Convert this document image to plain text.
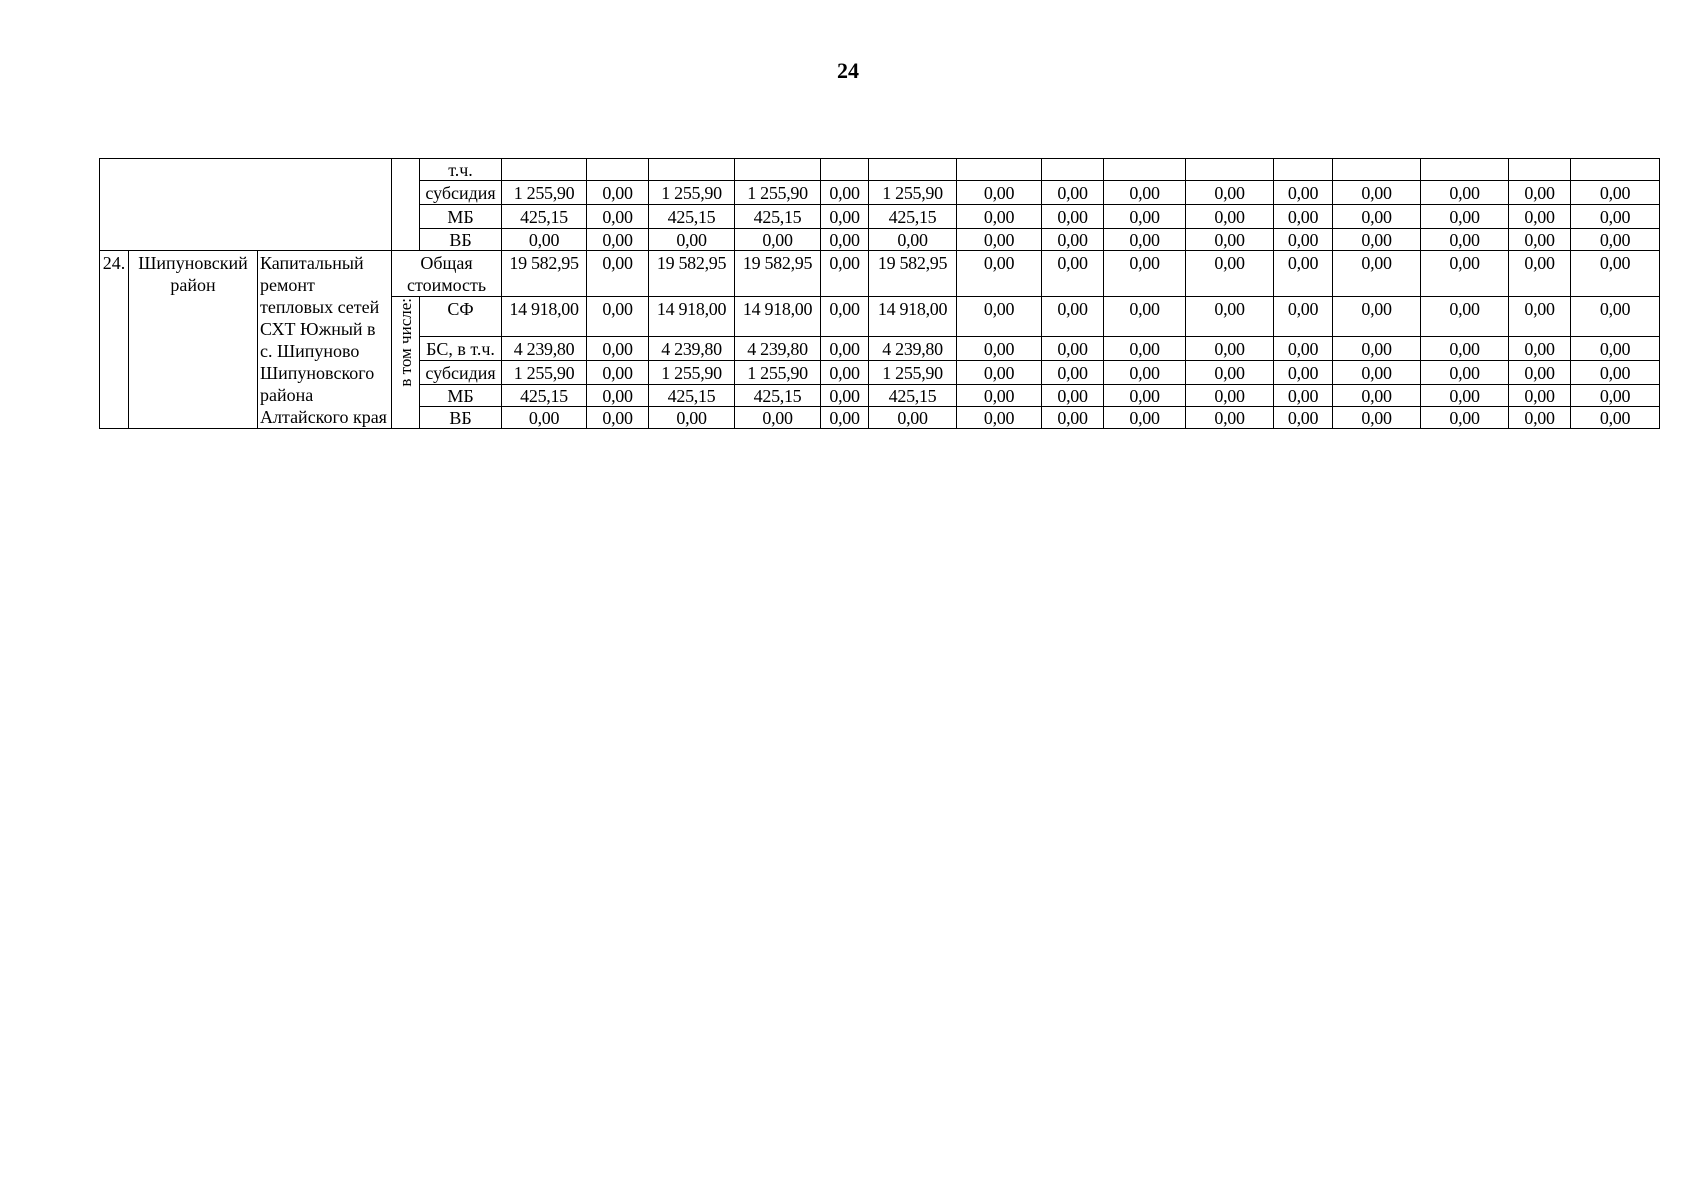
24
				т.ч.															
				субсидия	1 255,90	0,00	1 255,90	1 255,90	0,00	1 255,90	0,00	0,00	0,00	0,00	0,00	0,00	0,00	0,00	0,00
				МБ	425,15	0,00	425,15	425,15	0,00	425,15	0,00	0,00	0,00	0,00	0,00	0,00	0,00	0,00	0,00
				ВБ	0,00	0,00	0,00	0,00	0,00	0,00	0,00	0,00	0,00	0,00	0,00	0,00	0,00	0,00	0,00
24.	Шипуновский район	Капитальный ремонт тепловых сетей СХТ Южный в с. Шипуново Шипуновского района Алтайского края	Общая стоимость		19 582,95	0,00	19 582,95	19 582,95	0,00	19 582,95	0,00	0,00	0,00	0,00	0,00	0,00	0,00	0,00	0,00
			в том числе:	СФ	14 918,00	0,00	14 918,00	14 918,00	0,00	14 918,00	0,00	0,00	0,00	0,00	0,00	0,00	0,00	0,00	0,00
				БС, в т.ч.	4 239,80	0,00	4 239,80	4 239,80	0,00	4 239,80	0,00	0,00	0,00	0,00	0,00	0,00	0,00	0,00	0,00
				субсидия	1 255,90	0,00	1 255,90	1 255,90	0,00	1 255,90	0,00	0,00	0,00	0,00	0,00	0,00	0,00	0,00	0,00
				МБ	425,15	0,00	425,15	425,15	0,00	425,15	0,00	0,00	0,00	0,00	0,00	0,00	0,00	0,00	0,00
				ВБ	0,00	0,00	0,00	0,00	0,00	0,00	0,00	0,00	0,00	0,00	0,00	0,00	0,00	0,00	0,00
